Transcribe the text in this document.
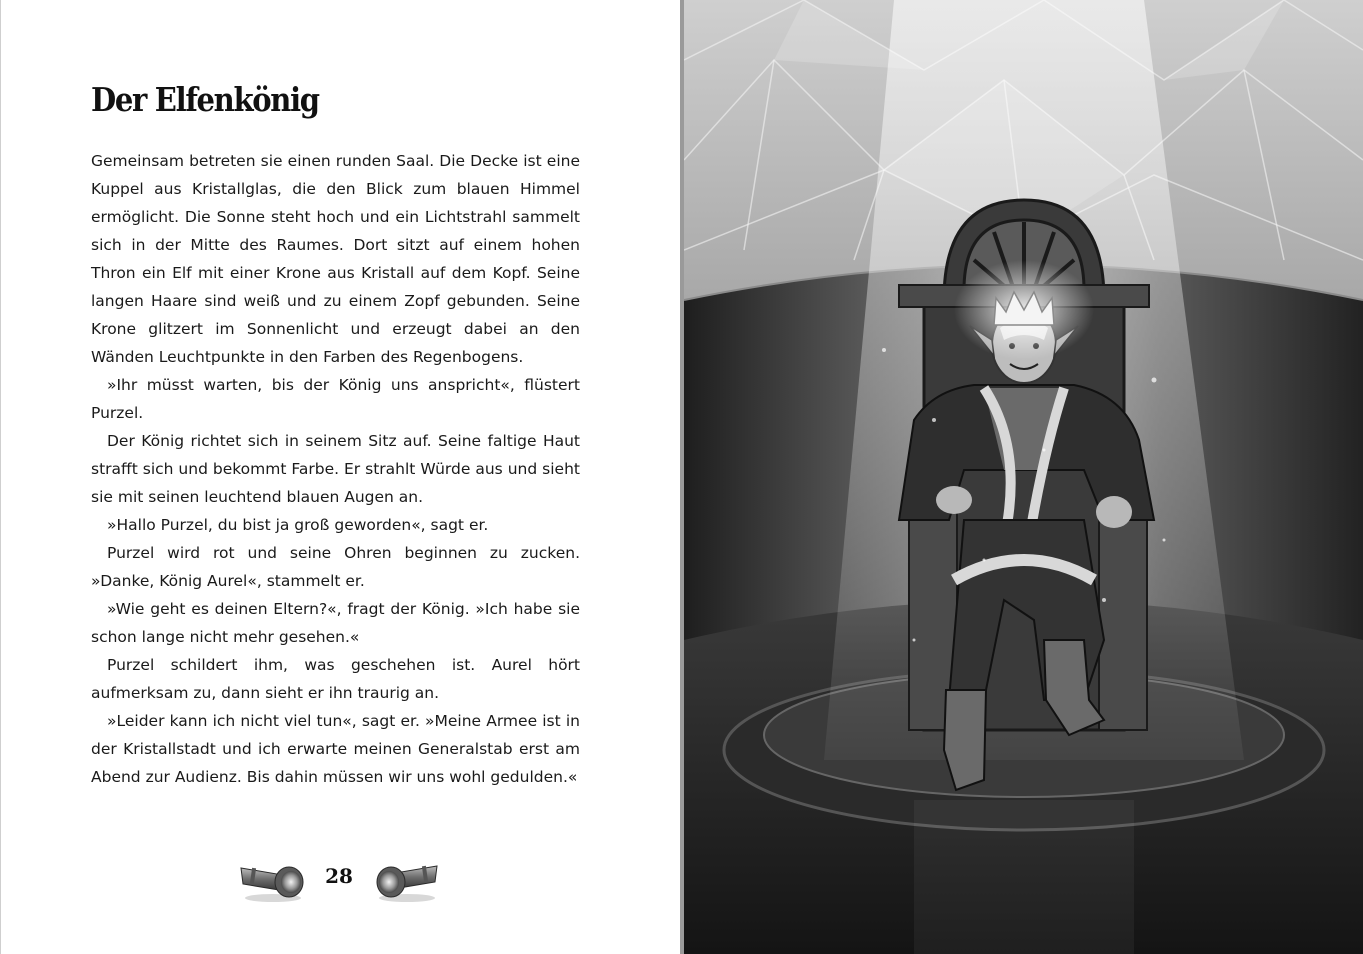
Der Elfenkönig

Gemeinsam betreten sie einen runden Saal. Die Decke ist eine Kuppel aus Kristallglas, die den Blick zum blauen Himmel ermöglicht. Die Sonne steht hoch und ein Lichtstrahl sammelt sich in der Mitte des Raumes. Dort sitzt auf einem hohen Thron ein Elf mit einer Krone aus Kristall auf dem Kopf. Seine langen Haare sind weiß und zu einem Zopf gebunden. Seine Krone glitzert im Sonnenlicht und erzeugt dabei an den Wänden Leuchtpunkte in den Farben des Regenbogens.

»Ihr müsst warten, bis der König uns anspricht«, flüstert Purzel.

Der König richtet sich in seinem Sitz auf. Seine faltige Haut strafft sich und bekommt Farbe. Er strahlt Würde aus und sieht sie mit seinen leuchtend blauen Augen an.

»Hallo Purzel, du bist ja groß geworden«, sagt er.

Purzel wird rot und seine Ohren beginnen zu zucken. »Danke, König Aurel«, stammelt er.

»Wie geht es deinen Eltern?«, fragt der König. »Ich habe sie schon lange nicht mehr gesehen.«

Purzel schildert ihm, was geschehen ist. Aurel hört aufmerksam zu, dann sieht er ihn traurig an.

»Leider kann ich nicht viel tun«, sagt er. »Meine Armee ist in der Kristallstadt und ich erwarte meinen Generalstab erst am Abend zur Audienz. Bis dahin müssen wir uns wohl gedulden.«

28
